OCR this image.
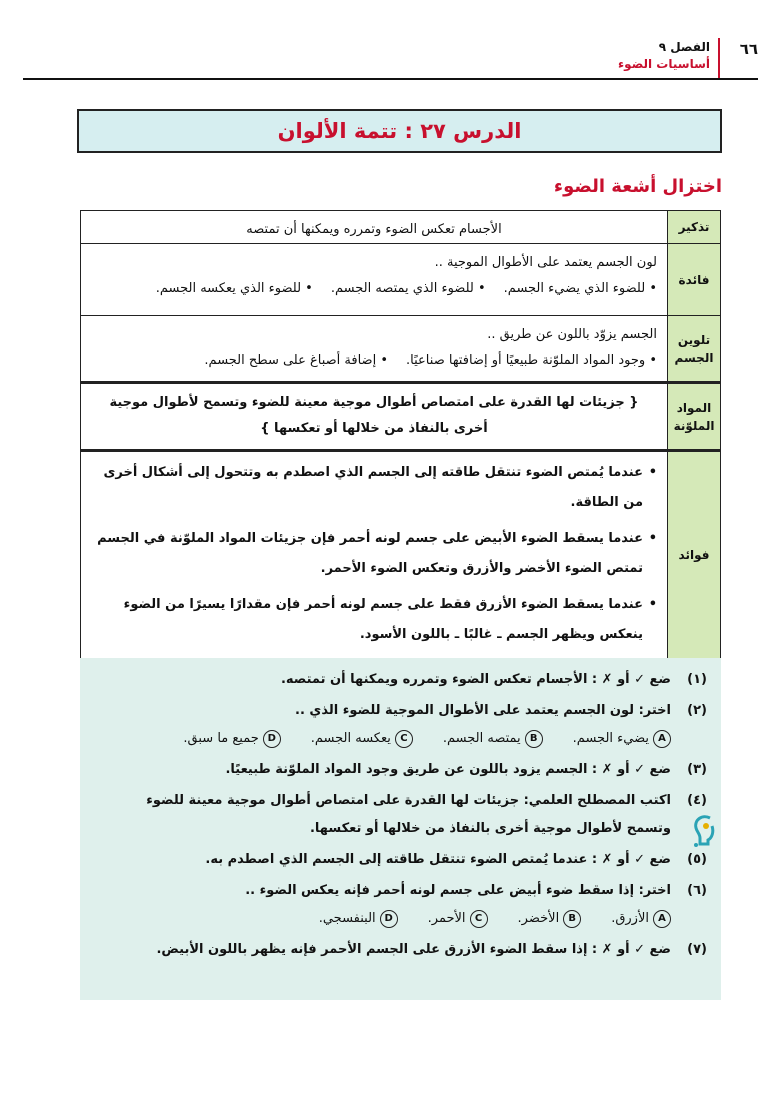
٦٦
الفصل ٩
أساسيات الضوء
الدرس ٢٧ : تتمة الألوان
اختزال أشعة الضوء
تذكير
الأجسام تعكس الضوء وتمرره ويمكنها أن تمتصه
فائدة
لون الجسم يعتمد على الأطوال الموجية ..
• للضوء الذي يضيء الجسم.
• للضوء الذي يمتصه الجسم.
• للضوء الذي يعكسه الجسم.
تلوين
الجسم
الجسم يزوّد باللون عن طريق ..
• وجود المواد الملوّنة طبيعيًا أو إضافتها صناعيًا.
• إضافة أصباغ على سطح الجسم.
المواد
الملوّنة
{ جزيئات لها القدرة على امتصاص أطوال موجية معينة للضوء وتسمح لأطوال موجية
أخرى بالنفاذ من خلالها أو تعكسها }
فوائد
• عندما يُمتص الضوء تنتقل طاقته إلى الجسم الذي اصطدم به وتتحول إلى أشكال أخرى من الطاقة.
• عندما يسقط الضوء الأبيض على جسم لونه أحمر فإن جزيئات المواد الملوّنة في الجسم تمتص الضوء الأخضر والأزرق وتعكس الضوء الأحمر.
• عندما يسقط الضوء الأزرق فقط على جسم لونه أحمر فإن مقدارًا يسيرًا من الضوء ينعكس ويظهر الجسم ـ غالبًا ـ باللون الأسود.
(١)
ضع ✓ أو ✗ : الأجسام تعكس الضوء وتمرره ويمكنها أن تمتصه.
(٢)
اختر: لون الجسم يعتمد على الأطوال الموجية للضوء الذي ..
A
يضيء الجسم.
B
يمتصه الجسم.
C
يعكسه الجسم.
D
جميع ما سبق.
(٣)
ضع ✓ أو ✗ : الجسم يزود باللون عن طريق وجود المواد الملوّنة طبيعيًا.
(٤)
اكتب المصطلح العلمي: جزيئات لها القدرة على امتصاص أطوال موجية معينة للضوء وتسمح لأطوال موجية أخرى بالنفاذ من خلالها أو تعكسها.
(٥)
ضع ✓ أو ✗ : عندما يُمتص الضوء تنتقل طاقته إلى الجسم الذي اصطدم به.
(٦)
اختر: إذا سقط ضوء أبيض على جسم لونه أحمر فإنه يعكس الضوء ..
A
الأزرق.
B
الأخضر.
C
الأحمر.
D
البنفسجي.
(٧)
ضع ✓ أو ✗ : إذا سقط الضوء الأزرق على الجسم الأحمر فإنه يظهر باللون الأبيض.
